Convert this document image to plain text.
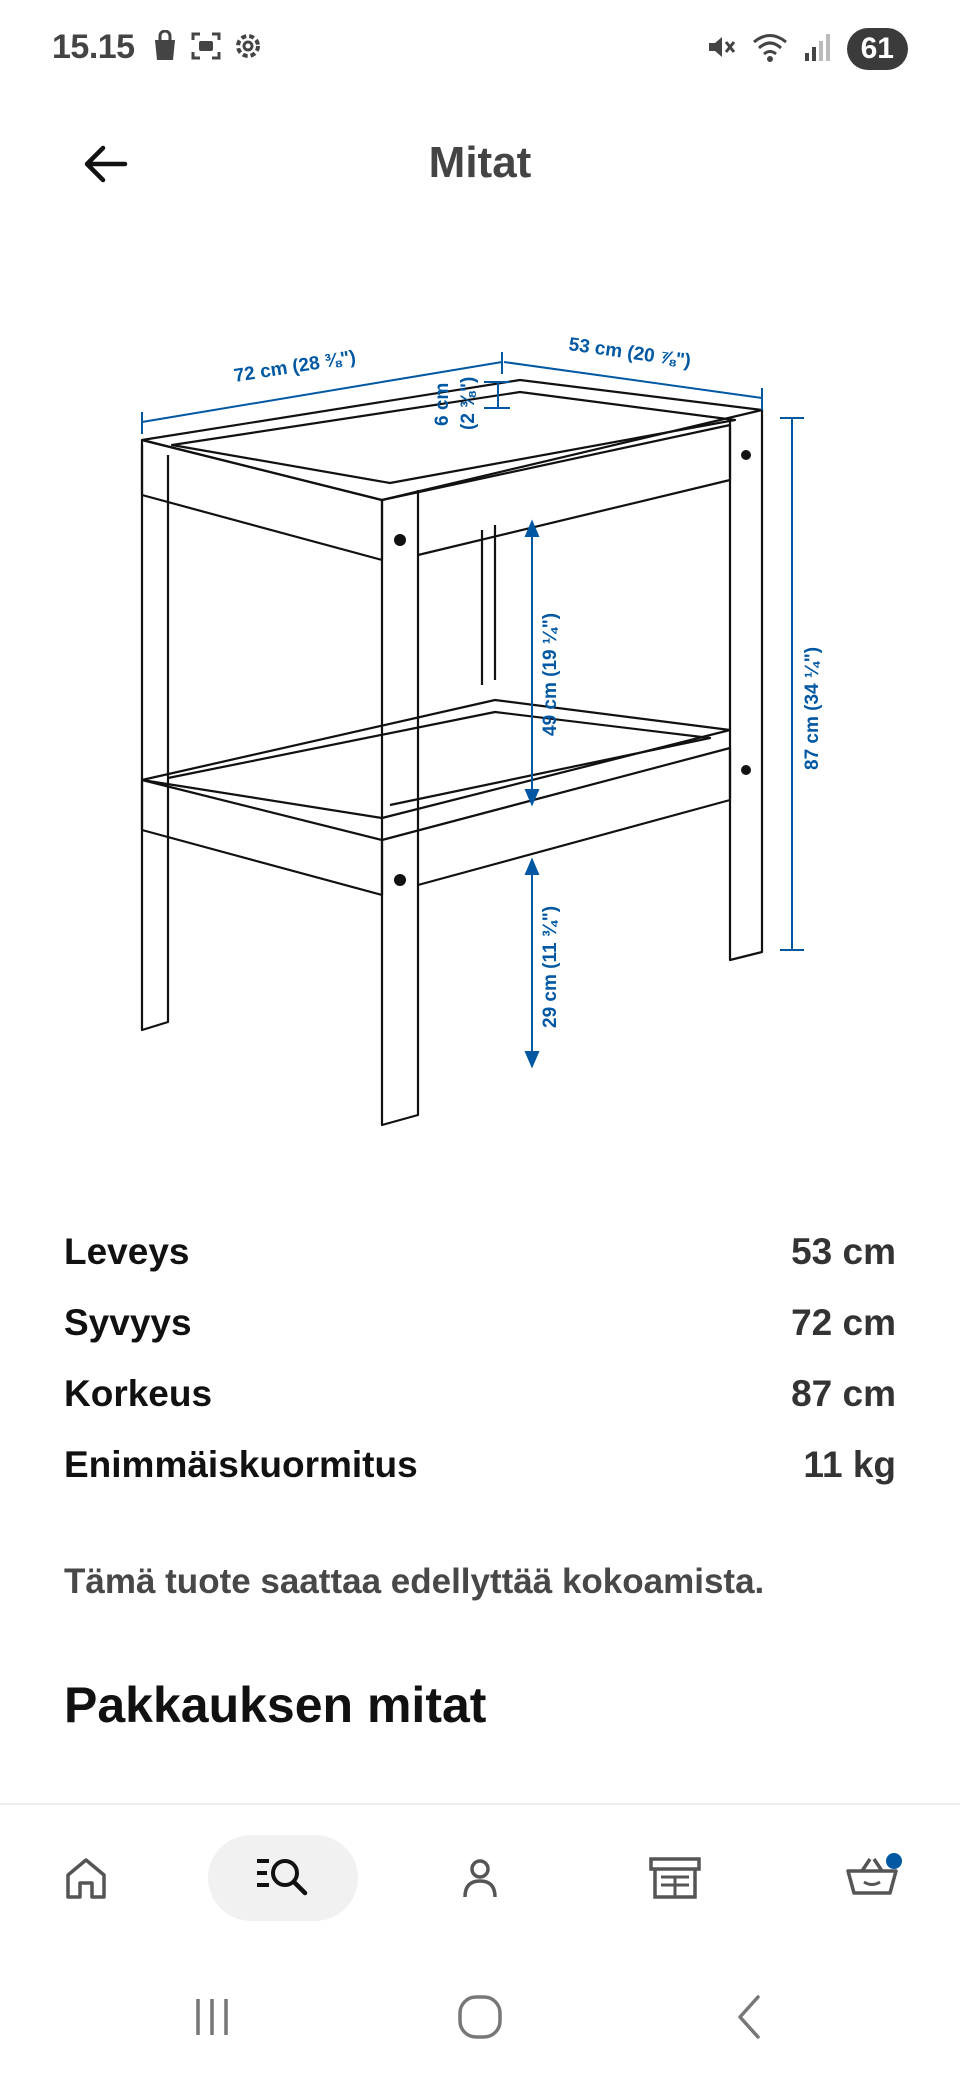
15.15	61
Mitat
72 cm (28 ⅜")	53 cm (20 ⅞")
6 cm (2 ⅜")
87 cm (34 ¼")
49 cm (19 ¼")
29 cm (11 ¾")
Leveys	53 cm
Syvyys	72 cm
Korkeus	87 cm
Enimmäiskuormitus	11 kg
Tämä tuote saattaa edellyttää kokoamista.
Pakkauksen mitat
